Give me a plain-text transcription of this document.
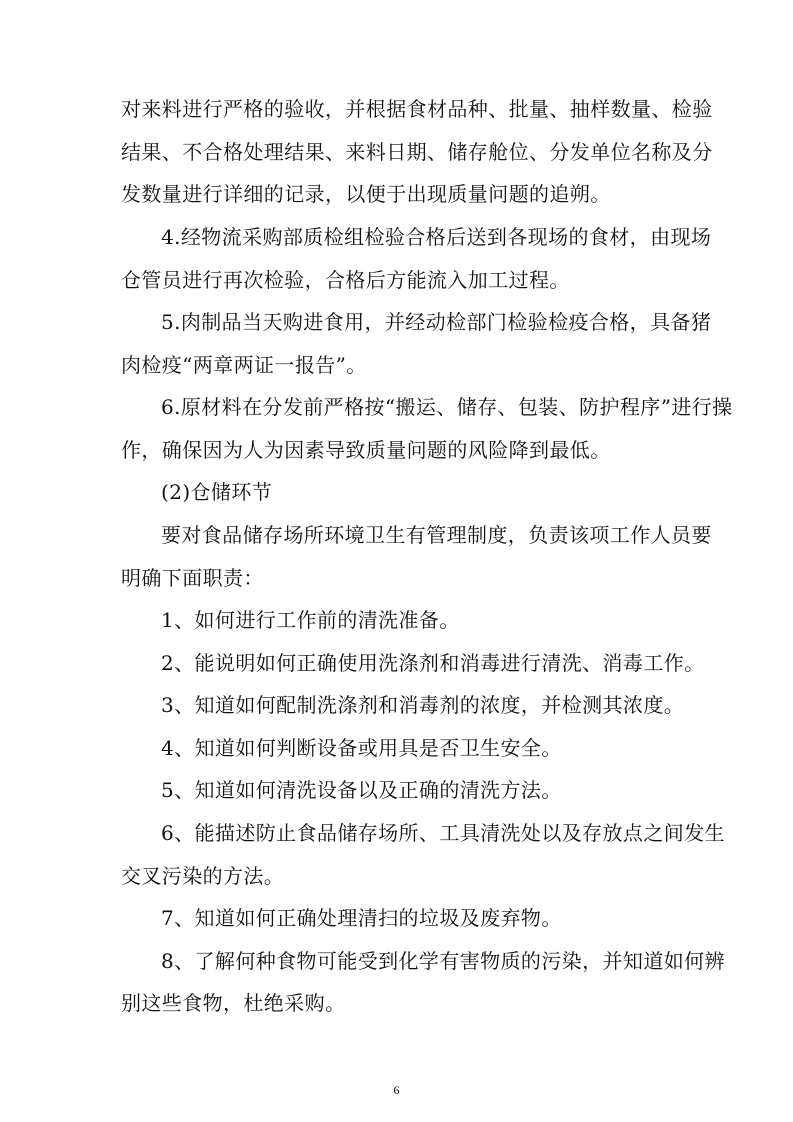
对来料进行严格的验收，并根据食材品种、批量、抽样数量、检验
结果、不合格处理结果、来料日期、储存舱位、分发单位名称及分
发数量进行详细的记录，以便于出现质量问题的追朔。
4.经物流采购部质检组检验合格后送到各现场的食材，由现场
仓管员进行再次检验，合格后方能流入加工过程。
5.肉制品当天购进食用，并经动检部门检验检疫合格，具备猪
肉检疫“两章两证一报告”。
6.原材料在分发前严格按“搬运、储存、包装、防护程序”进行操
作，确保因为人为因素导致质量问题的风险降到最低。
(2)仓储环节
要对食品储存场所环境卫生有管理制度，负责该项工作人员要
明确下面职责：
1、如何进行工作前的清洗准备。
2、能说明如何正确使用洗涤剂和消毒进行清洗、消毒工作。
3、知道如何配制洗涤剂和消毒剂的浓度，并检测其浓度。
4、知道如何判断设备或用具是否卫生安全。
5、知道如何清洗设备以及正确的清洗方法。
6、能描述防止食品储存场所、工具清洗处以及存放点之间发生
交叉污染的方法。
7、知道如何正确处理清扫的垃圾及废弃物。
8、了解何种食物可能受到化学有害物质的污染，并知道如何辨
别这些食物，杜绝采购。
6
